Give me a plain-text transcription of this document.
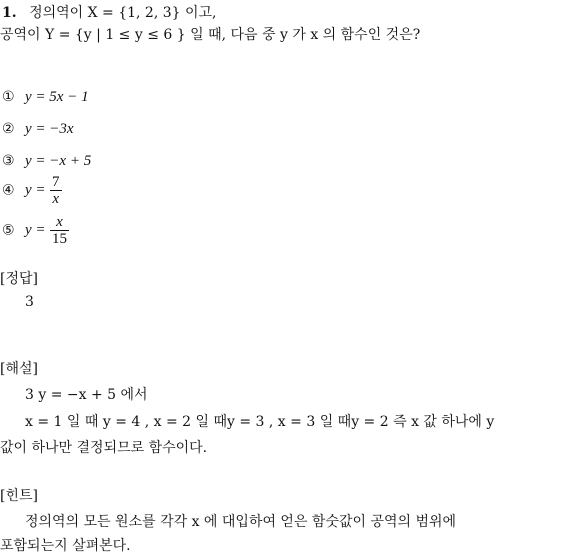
1. 정의역이 X = {1, 2, 3} 이고,
공역이 Y = {y | 1 ≤ y ≤ 6 } 일 때, 다음 중 y 가 x 의 함수인 것은?
① y = 5x − 1
② y = −3x
③ y = −x + 5
④ $y = \frac{7}{x}$
⑤ $y = \frac{x}{15}$
[정답]
3
[해설]
3 y = −x + 5 에서
x = 1 일 때 y = 4 , x = 2 일 때y = 3 , x = 3 일 때y = 2 즉 x 값 하나에 y
값이 하나만 결정되므로 함수이다.
[힌트]
정의역의 모든 원소를 각각 x 에 대입하여 얻은 함숫값이 공역의 범위에
포함되는지 살펴본다.
